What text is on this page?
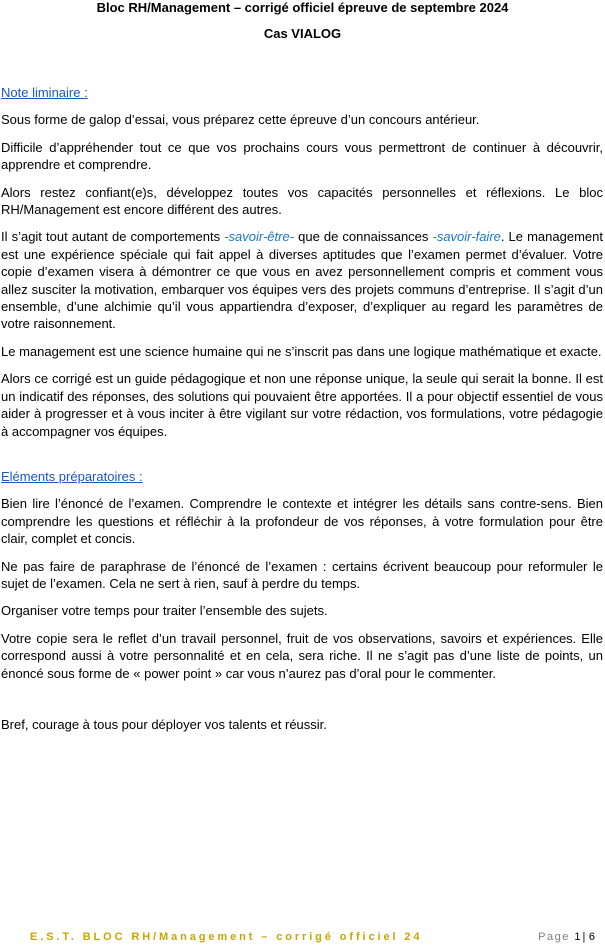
Bloc RH/Management – corrigé officiel épreuve de septembre 2024
Cas VIALOG
Note liminaire :

Sous forme de galop d’essai, vous préparez cette épreuve d’un concours antérieur.

Difficile d’appréhender tout ce que vos prochains cours vous permettront de continuer à découvrir, apprendre et comprendre.

Alors restez confiant(e)s, développez toutes vos capacités personnelles et réflexions. Le bloc RH/Management est encore différent des autres.

Il s’agit tout autant de comportements -savoir-être- que de connaissances -savoir-faire. Le management est une expérience spéciale qui fait appel à diverses aptitudes que l’examen permet d’évaluer. Votre copie d’examen visera à démontrer ce que vous en avez personnellement compris et comment vous allez susciter la motivation, embarquer vos équipes vers des projets communs d’entreprise. Il s’agit d’un ensemble, d’une alchimie qu’il vous appartiendra d’exposer, d’expliquer au regard les paramètres de votre raisonnement.

Le management est une science humaine qui ne s’inscrit pas dans une logique mathématique et exacte.

Alors ce corrigé est un guide pédagogique et non une réponse unique, la seule qui serait la bonne. Il est un indicatif des réponses, des solutions qui pouvaient être apportées. Il a pour objectif essentiel de vous aider à progresser et à vous inciter à être vigilant sur votre rédaction, vos formulations, votre pédagogie à accompagner vos équipes.

Eléments préparatoires :

Bien lire l’énoncé de l’examen. Comprendre le contexte et intégrer les détails sans contre-sens. Bien comprendre les questions et réfléchir à la profondeur de vos réponses, à votre formulation pour être clair, complet et concis.

Ne pas faire de paraphrase de l’énoncé de l’examen : certains écrivent beaucoup pour reformuler le sujet de l’examen. Cela ne sert à rien, sauf à perdre du temps.

Organiser votre temps pour traiter l’ensemble des sujets.

Votre copie sera le reflet d’un travail personnel, fruit de vos observations, savoirs et expériences. Elle correspond aussi à votre personnalité et en cela, sera riche. Il ne s’agit pas d’une liste de points, un énoncé sous forme de « power point » car vous n’aurez pas d’oral pour le commenter.

Bref, courage à tous pour déployer vos talents et réussir.

E.S.T. BLOC RH/Management – corrigé officiel 24	Page 1 | 6
